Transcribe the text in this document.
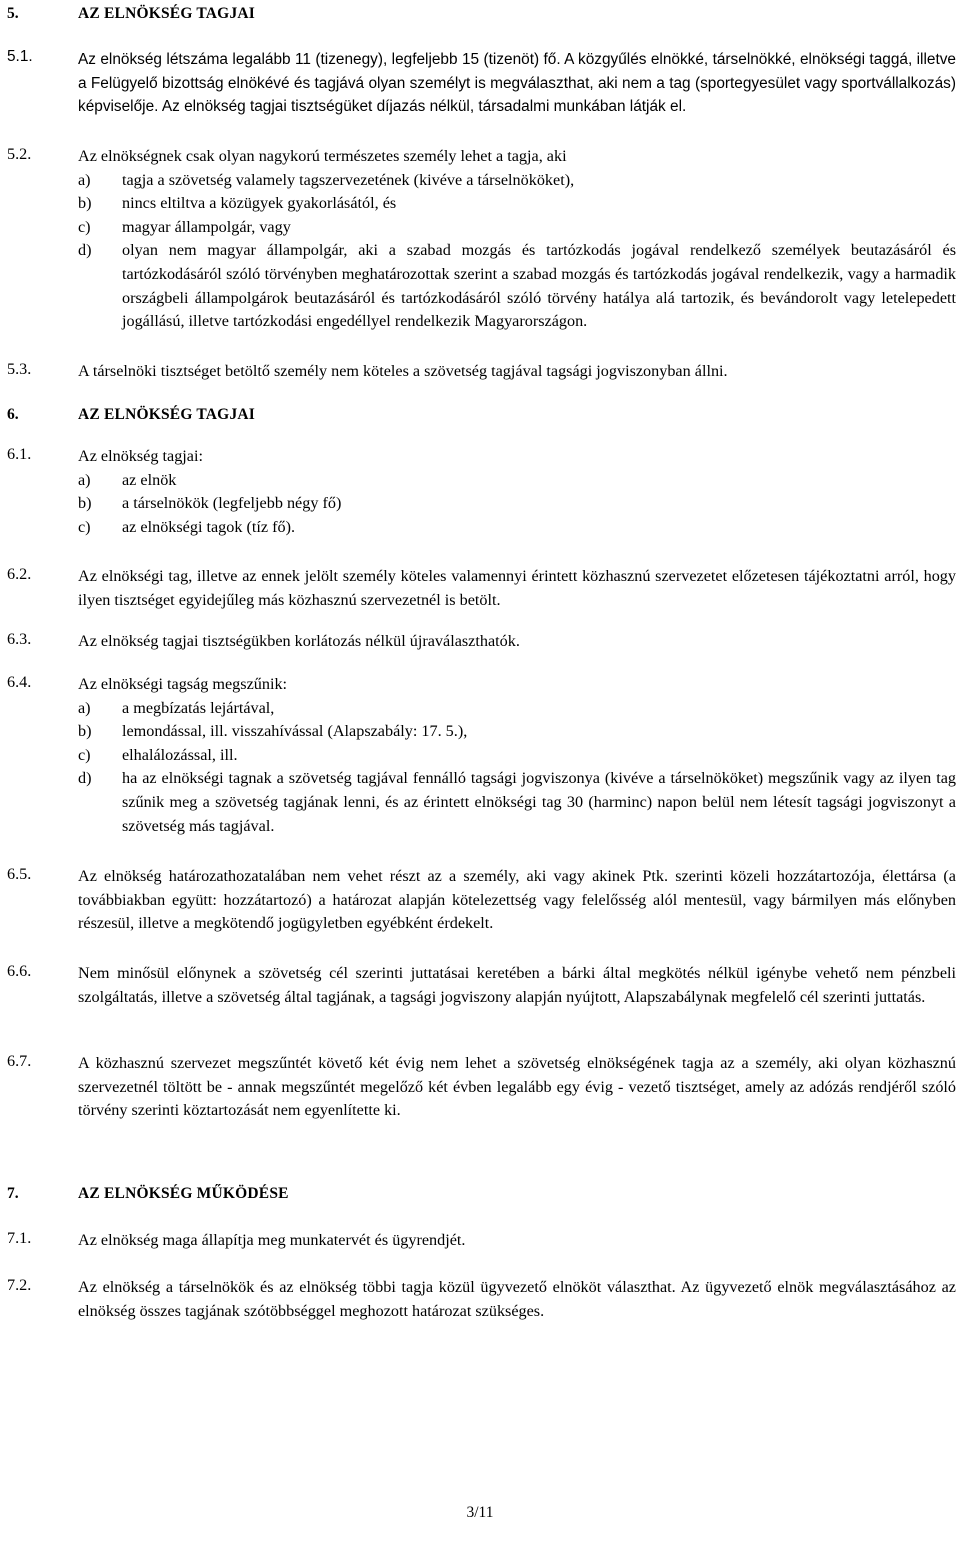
5.	AZ ELNÖKSÉG TAGJAI
5.1.	Az elnökség létszáma legalább 11 (tizenegy), legfeljebb 15 (tizenöt) fő. A közgyűlés elnökké, társelnökké, elnökségi taggá, illetve a Felügyelő bizottság elnökévé és tagjává olyan személyt is megválaszthat, aki nem a tag (sportegyesület vagy sportvállalkozás) képviselője. Az elnökség tagjai tisztségüket díjazás nélkül, társadalmi munkában látják el.
5.2.	Az elnökségnek csak olyan nagykorú természetes személy lehet a tagja, aki
a) tagja a szövetség valamely tagszervezetének (kivéve a társelnököket),
b) nincs eltiltva a közügyek gyakorlásától, és
c) magyar állampolgár, vagy
d) olyan nem magyar állampolgár, aki a szabad mozgás és tartózkodás jogával rendelkező személyek beutazásáról és tartózkodásáról szóló törvényben meghatározottak szerint a szabad mozgás és tartózkodás jogával rendelkezik, vagy a harmadik országbeli állampolgárok beutazásáról és tartózkodásáról szóló törvény hatálya alá tartozik, és bevándorolt vagy letelepedett jogállású, illetve tartózkodási engedéllyel rendelkezik Magyarországon.
5.3.	A társelnöki tisztséget betöltő személy nem köteles a szövetség tagjával tagsági jogviszonyban állni.
6.	AZ ELNÖKSÉG TAGJAI
6.1.	Az elnökség tagjai:
a) az elnök
b) a társelnökök (legfeljebb négy fő)
c) az elnökségi tagok (tíz fő).
6.2.	Az elnökségi tag, illetve az ennek jelölt személy köteles valamennyi érintett közhasznú szervezetet előzetesen tájékoztatni arról, hogy ilyen tisztséget egyidejűleg más közhasznú szervezetnél is betölt.
6.3.	Az elnökség tagjai tisztségükben korlátozás nélkül újraválaszthatók.
6.4.	Az elnökségi tagság megszűnik:
a) a megbízatás lejártával,
b) lemondással, ill. visszahívással (Alapszabály: 17. 5.),
c) elhalálozással, ill.
d) ha az elnökségi tagnak a szövetség tagjával fennálló tagsági jogviszonya (kivéve a társelnököket) megszűnik vagy az ilyen tag szűnik meg a szövetség tagjának lenni, és az érintett elnökségi tag 30 (harminc) napon belül nem létesít tagsági jogviszonyt a szövetség más tagjával.
6.5.	Az elnökség határozathozatalában nem vehet részt az a személy, aki vagy akinek Ptk. szerinti közeli hozzátartozója, élettársa (a továbbiakban együtt: hozzátartozó) a határozat alapján kötelezettség vagy felelősség alól mentesül, vagy bármilyen más előnyben részesül, illetve a megkötendő jogügyletben egyébként érdekelt.
6.6.	Nem minősül előnynek a szövetség cél szerinti juttatásai keretében a bárki által megkötés nélkül igénybe vehető nem pénzbeli szolgáltatás, illetve a szövetség által tagjának, a tagsági jogviszony alapján nyújtott, Alapszabálynak megfelelő cél szerinti juttatás.
6.7.	A közhasznú szervezet megszűntét követő két évig nem lehet a szövetség elnökségének tagja az a személy, aki olyan közhasznú szervezetnél töltött be - annak megszűntét megelőző két évben legalább egy évig - vezető tisztséget, amely az adózás rendjéről szóló törvény szerinti köztartozását nem egyenlítette ki.
7.	AZ ELNÖKSÉG MŰKÖDÉSE
7.1.	Az elnökség maga állapítja meg munkatervét és ügyrendjét.
7.2.	Az elnökség a társelnökök és az elnökség többi tagja közül ügyvezető elnököt választhat. Az ügyvezető elnök megválasztásához az elnökség összes tagjának szótöbbséggel meghozott határozat szükséges.
3/11
